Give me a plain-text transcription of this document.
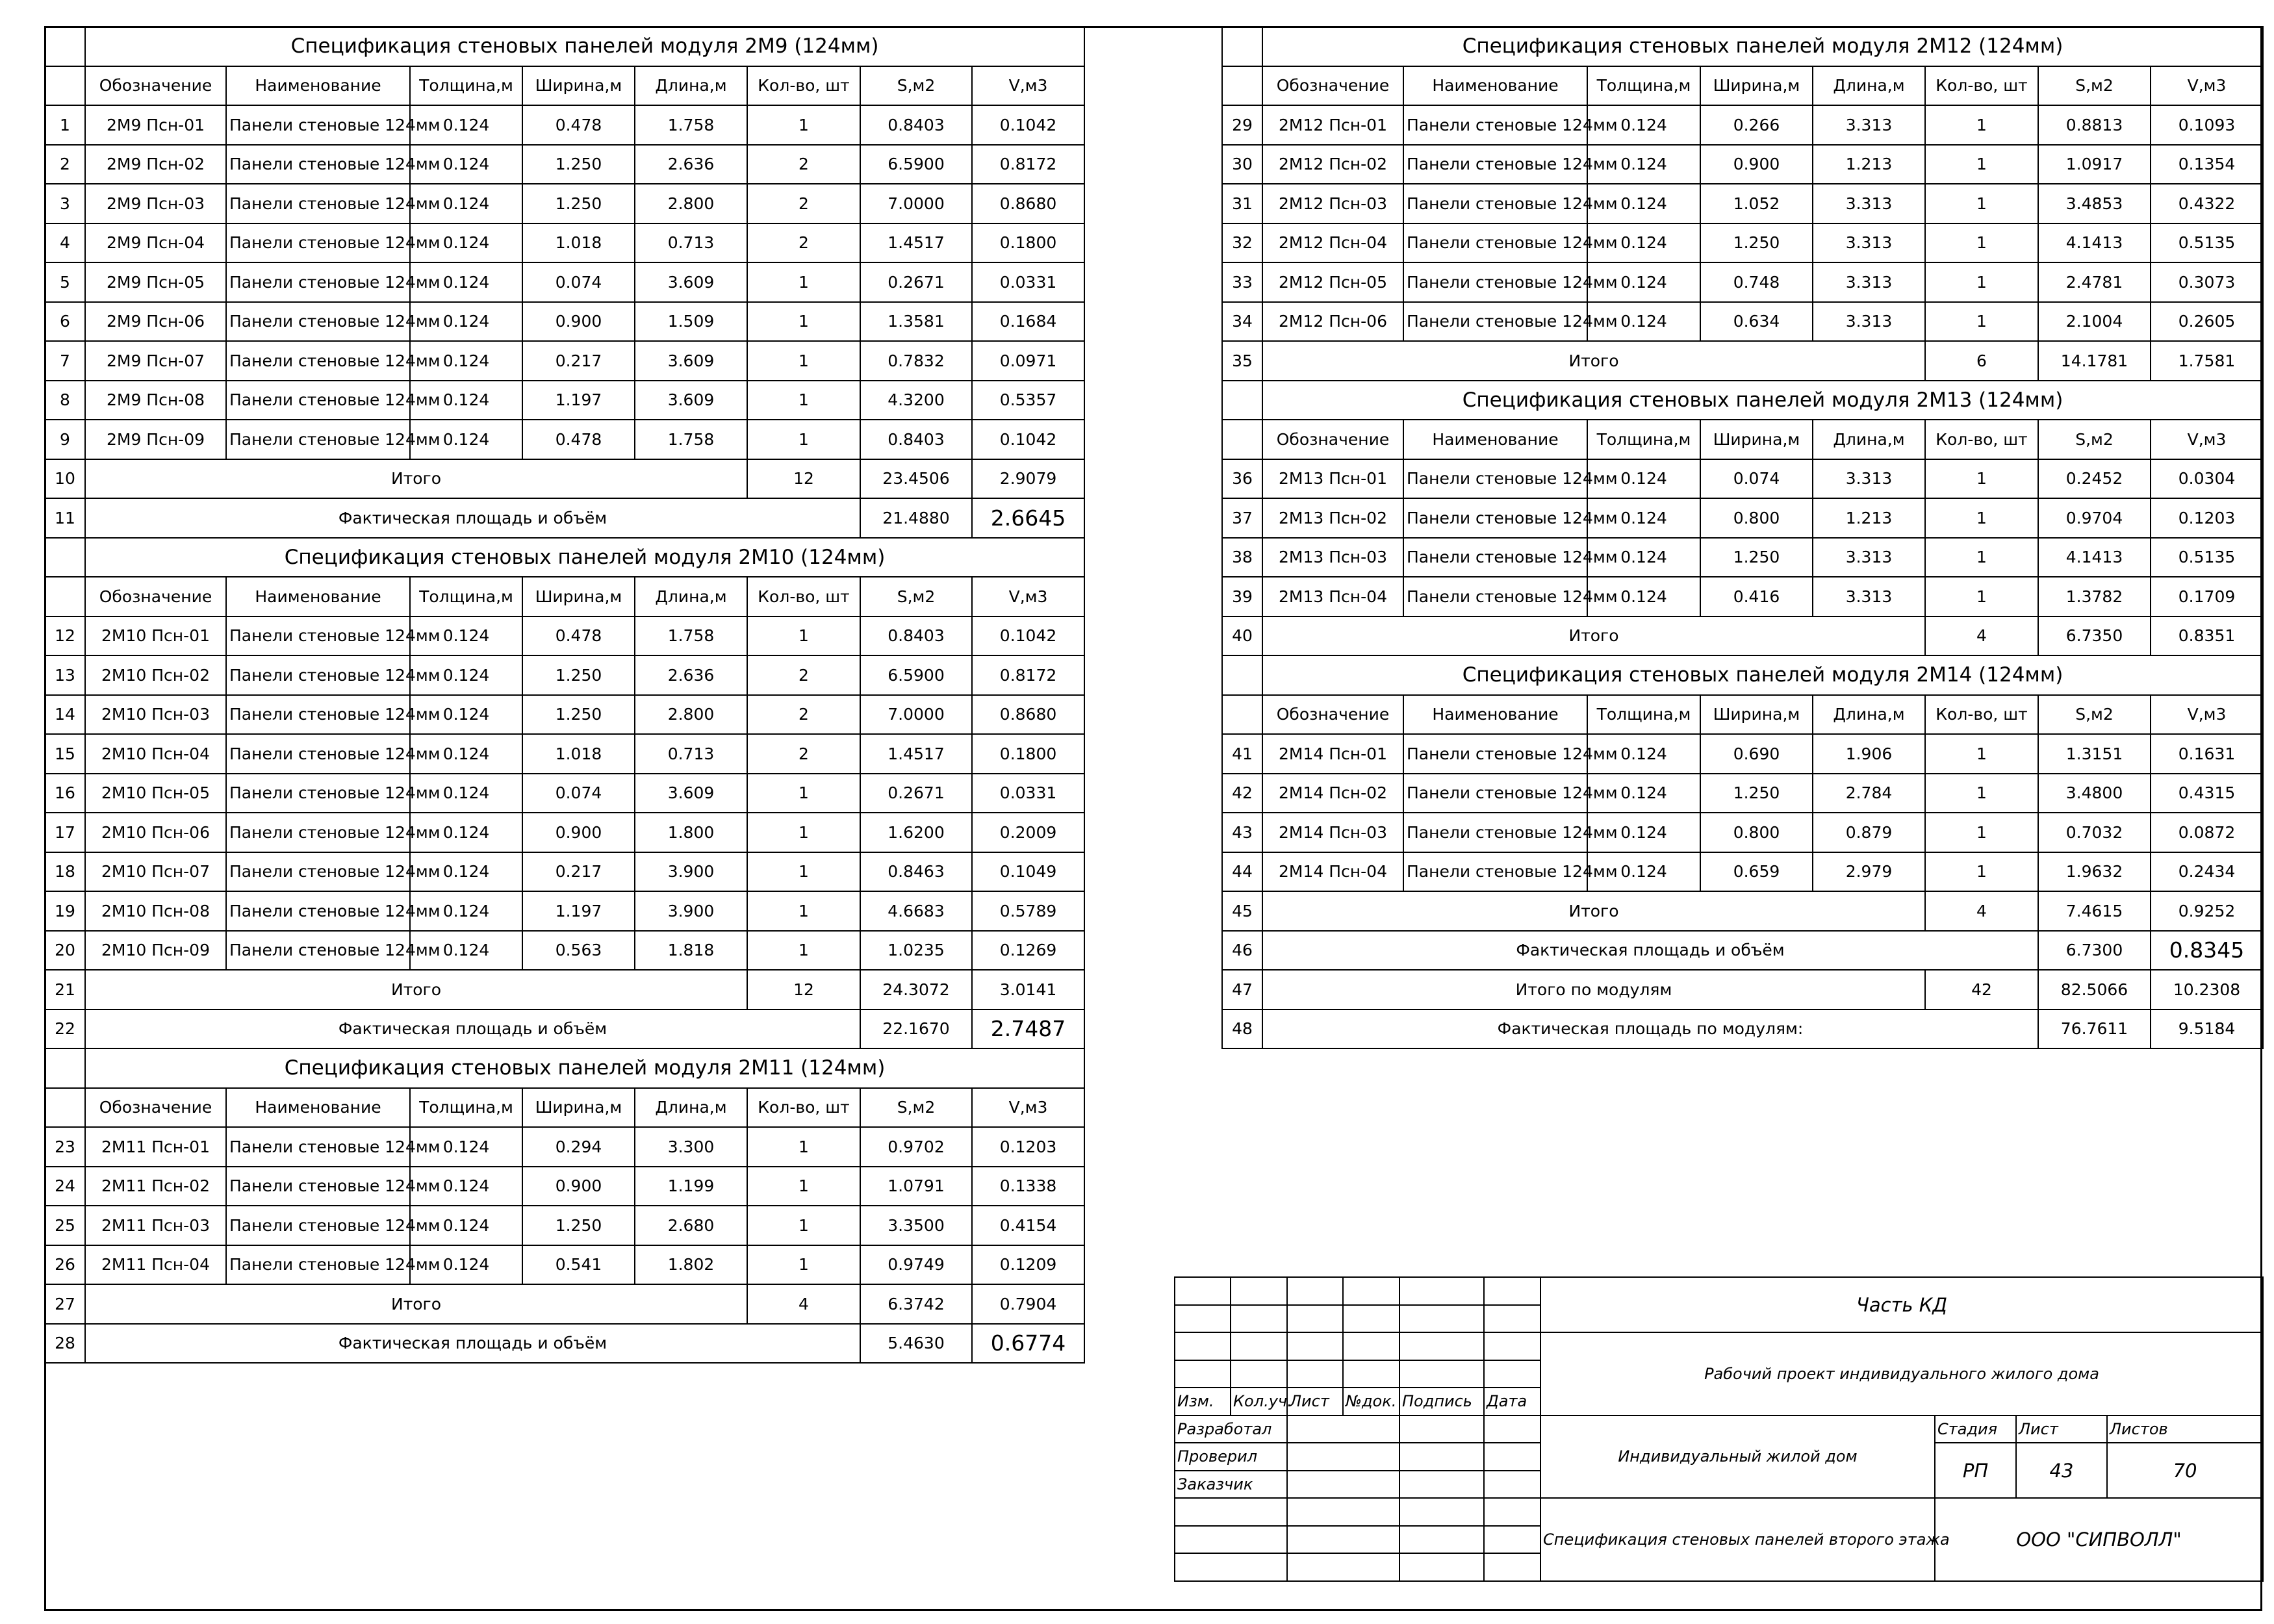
	Спецификация стеновых панелей модуля 2М9 (124мм)							
	Обозначение	Наименование	Толщина,м	Ширина,м	Длина,м	Кол-во, шт	S,м2	V,м3
1	2М9 Псн-01	Панели стеновые 124мм	0.124	0.478	1.758	1	0.8403	0.1042
2	2М9 Псн-02	Панели стеновые 124мм	0.124	1.250	2.636	2	6.5900	0.8172
3	2М9 Псн-03	Панели стеновые 124мм	0.124	1.250	2.800	2	7.0000	0.8680
4	2М9 Псн-04	Панели стеновые 124мм	0.124	1.018	0.713	2	1.4517	0.1800
5	2М9 Псн-05	Панели стеновые 124мм	0.124	0.074	3.609	1	0.2671	0.0331
6	2М9 Псн-06	Панели стеновые 124мм	0.124	0.900	1.509	1	1.3581	0.1684
7	2М9 Псн-07	Панели стеновые 124мм	0.124	0.217	3.609	1	0.7832	0.0971
8	2М9 Псн-08	Панели стеновые 124мм	0.124	1.197	3.609	1	4.3200	0.5357
9	2М9 Псн-09	Панели стеновые 124мм	0.124	0.478	1.758	1	0.8403	0.1042
10	Итого					12	23.4506	2.9079
11	Фактическая площадь и объём						21.4880	2.6645
	Спецификация стеновых панелей модуля 2М10 (124мм)							
	Обозначение	Наименование	Толщина,м	Ширина,м	Длина,м	Кол-во, шт	S,м2	V,м3
12	2М10 Псн-01	Панели стеновые 124мм	0.124	0.478	1.758	1	0.8403	0.1042
13	2М10 Псн-02	Панели стеновые 124мм	0.124	1.250	2.636	2	6.5900	0.8172
14	2М10 Псн-03	Панели стеновые 124мм	0.124	1.250	2.800	2	7.0000	0.8680
15	2М10 Псн-04	Панели стеновые 124мм	0.124	1.018	0.713	2	1.4517	0.1800
16	2М10 Псн-05	Панели стеновые 124мм	0.124	0.074	3.609	1	0.2671	0.0331
17	2М10 Псн-06	Панели стеновые 124мм	0.124	0.900	1.800	1	1.6200	0.2009
18	2М10 Псн-07	Панели стеновые 124мм	0.124	0.217	3.900	1	0.8463	0.1049
19	2М10 Псн-08	Панели стеновые 124мм	0.124	1.197	3.900	1	4.6683	0.5789
20	2М10 Псн-09	Панели стеновые 124мм	0.124	0.563	1.818	1	1.0235	0.1269
21	Итого					12	24.3072	3.0141
22	Фактическая площадь и объём						22.1670	2.7487
	Спецификация стеновых панелей модуля 2М11 (124мм)							
	Обозначение	Наименование	Толщина,м	Ширина,м	Длина,м	Кол-во, шт	S,м2	V,м3
23	2М11 Псн-01	Панели стеновые 124мм	0.124	0.294	3.300	1	0.9702	0.1203
24	2М11 Псн-02	Панели стеновые 124мм	0.124	0.900	1.199	1	1.0791	0.1338
25	2М11 Псн-03	Панели стеновые 124мм	0.124	1.250	2.680	1	3.3500	0.4154
26	2М11 Псн-04	Панели стеновые 124мм	0.124	0.541	1.802	1	0.9749	0.1209
27	Итого					4	6.3742	0.7904
28	Фактическая площадь и объём						5.4630	0.6774
	Спецификация стеновых панелей модуля 2М12 (124мм)							
	Обозначение	Наименование	Толщина,м	Ширина,м	Длина,м	Кол-во, шт	S,м2	V,м3
29	2М12 Псн-01	Панели стеновые 124мм	0.124	0.266	3.313	1	0.8813	0.1093
30	2М12 Псн-02	Панели стеновые 124мм	0.124	0.900	1.213	1	1.0917	0.1354
31	2М12 Псн-03	Панели стеновые 124мм	0.124	1.052	3.313	1	3.4853	0.4322
32	2М12 Псн-04	Панели стеновые 124мм	0.124	1.250	3.313	1	4.1413	0.5135
33	2М12 Псн-05	Панели стеновые 124мм	0.124	0.748	3.313	1	2.4781	0.3073
34	2М12 Псн-06	Панели стеновые 124мм	0.124	0.634	3.313	1	2.1004	0.2605
35	Итого					6	14.1781	1.7581
	Спецификация стеновых панелей модуля 2М13 (124мм)							
	Обозначение	Наименование	Толщина,м	Ширина,м	Длина,м	Кол-во, шт	S,м2	V,м3
36	2М13 Псн-01	Панели стеновые 124мм	0.124	0.074	3.313	1	0.2452	0.0304
37	2М13 Псн-02	Панели стеновые 124мм	0.124	0.800	1.213	1	0.9704	0.1203
38	2М13 Псн-03	Панели стеновые 124мм	0.124	1.250	3.313	1	4.1413	0.5135
39	2М13 Псн-04	Панели стеновые 124мм	0.124	0.416	3.313	1	1.3782	0.1709
40	Итого					4	6.7350	0.8351
	Спецификация стеновых панелей модуля 2М14 (124мм)							
	Обозначение	Наименование	Толщина,м	Ширина,м	Длина,м	Кол-во, шт	S,м2	V,м3
41	2М14 Псн-01	Панели стеновые 124мм	0.124	0.690	1.906	1	1.3151	0.1631
42	2М14 Псн-02	Панели стеновые 124мм	0.124	1.250	2.784	1	3.4800	0.4315
43	2М14 Псн-03	Панели стеновые 124мм	0.124	0.800	0.879	1	0.7032	0.0872
44	2М14 Псн-04	Панели стеновые 124мм	0.124	0.659	2.979	1	1.9632	0.2434
45	Итого					4	7.4615	0.9252
46	Фактическая площадь и объём						6.7300	0.8345
47	Итого по модулям					42	82.5066	10.2308
48	Фактическая площадь по модулям:						76.7611	9.5184
						Часть КД			

						Рабочий проект индивидуального жилого дома			

Изм.	Кол.уч.	Лист	№док.	Подпись	Дата				
Разработал						Индивидуальный жилой дом	Стадия	Лист	Листов
Проверил							РП	43	70
Заказчик									
						Спецификация стеновых панелей второго этажа	ООО "СИПВОЛЛ"		
